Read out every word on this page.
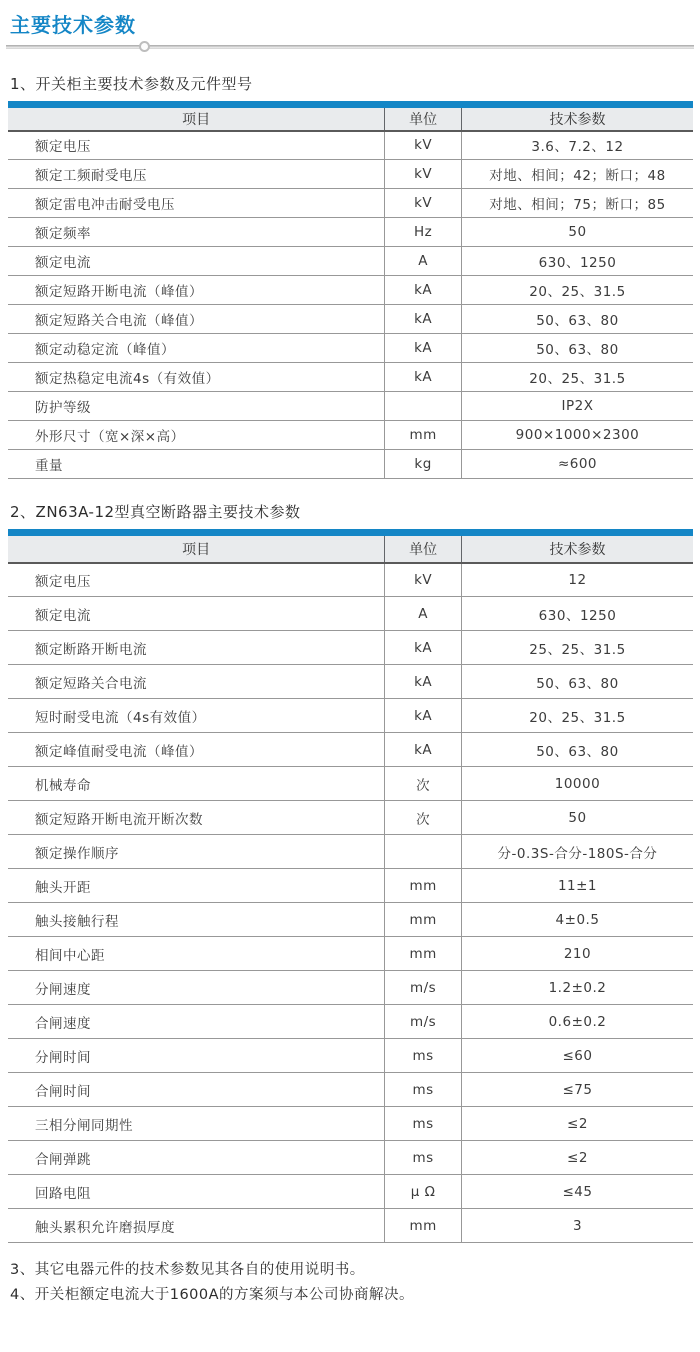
主要技术参数
1、开关柜主要技术参数及元件型号
项目	单位	技术参数
额定电压	kV	3.6、7.2、12
额定工频耐受电压	kV	对地、相间；42；断口；48
额定雷电冲击耐受电压	kV	对地、相间；75；断口；85
额定频率	Hz	50
额定电流	A	630、1250
额定短路开断电流（峰值）	kA	20、25、31.5
额定短路关合电流（峰值）	kA	50、63、80
额定动稳定流（峰值）	kA	50、63、80
额定热稳定电流4s（有效值）	kA	20、25、31.5
防护等级		IP2X
外形尺寸（宽×深×高）	mm	900×1000×2300
重量	kg	≈600
2、ZN63A-12型真空断路器主要技术参数
项目	单位	技术参数
额定电压	kV	12
额定电流	A	630、1250
额定断路开断电流	kA	25、25、31.5
额定短路关合电流	kA	50、63、80
短时耐受电流（4s有效值）	kA	20、25、31.5
额定峰值耐受电流（峰值）	kA	50、63、80
机械寿命	次	10000
额定短路开断电流开断次数	次	50
额定操作顺序		分-0.3S-合分-180S-合分
触头开距	mm	11±1
触头接触行程	mm	4±0.5
相间中心距	mm	210
分闸速度	m/s	1.2±0.2
合闸速度	m/s	0.6±0.2
分闸时间	ms	≤60
合闸时间	ms	≤75
三相分闸同期性	ms	≤2
合闸弹跳	ms	≤2
回路电阻	μ Ω	≤45
触头累积允许磨损厚度	mm	3
3、其它电器元件的技术参数见其各自的使用说明书。
4、开关柜额定电流大于1600A的方案须与本公司协商解决。
